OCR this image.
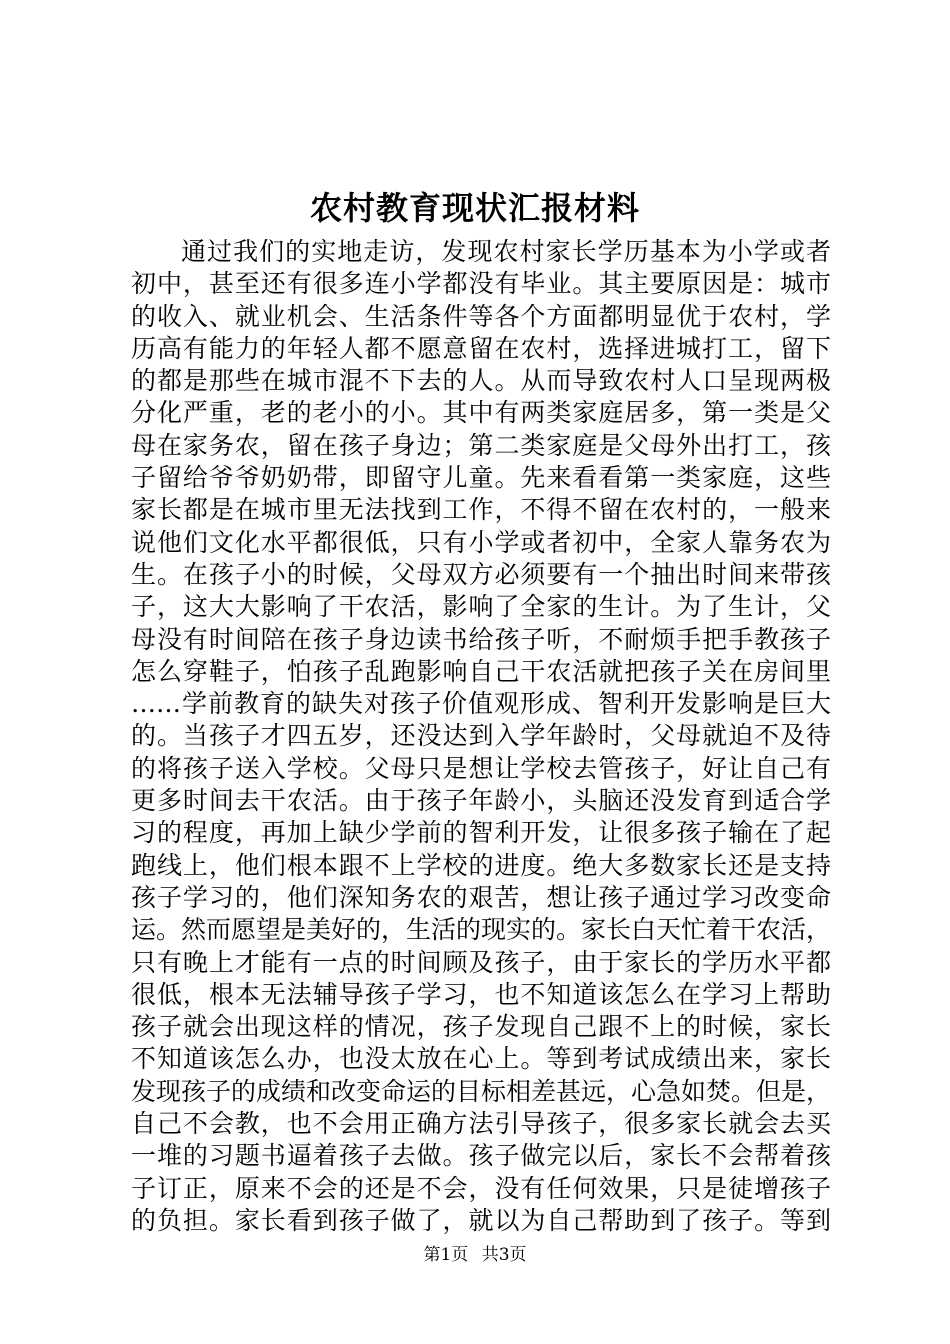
农村教育现状汇报材料
通过我们的实地走访，发现农村家长学历基本为小学或者
初中，甚至还有很多连小学都没有毕业。其主要原因是：城市
的收入、就业机会、生活条件等各个方面都明显优于农村，学
历高有能力的年轻人都不愿意留在农村，选择进城打工，留下
的都是那些在城市混不下去的人。从而导致农村人口呈现两极
分化严重，老的老小的小。其中有两类家庭居多，第一类是父
母在家务农，留在孩子身边；第二类家庭是父母外出打工，孩
子留给爷爷奶奶带，即留守儿童。先来看看第一类家庭，这些
家长都是在城市里无法找到工作，不得不留在农村的，一般来
说他们文化水平都很低，只有小学或者初中，全家人靠务农为
生。在孩子小的时候，父母双方必须要有一个抽出时间来带孩
子，这大大影响了干农活，影响了全家的生计。为了生计，父
母没有时间陪在孩子身边读书给孩子听，不耐烦手把手教孩子
怎么穿鞋子，怕孩子乱跑影响自己干农活就把孩子关在房间里
……学前教育的缺失对孩子价值观形成、智利开发影响是巨大
的。当孩子才四五岁，还没达到入学年龄时，父母就迫不及待
的将孩子送入学校。父母只是想让学校去管孩子，好让自己有
更多时间去干农活。由于孩子年龄小，头脑还没发育到适合学
习的程度，再加上缺少学前的智利开发，让很多孩子输在了起
跑线上，他们根本跟不上学校的进度。绝大多数家长还是支持
孩子学习的，他们深知务农的艰苦，想让孩子通过学习改变命
运。然而愿望是美好的，生活的现实的。家长白天忙着干农活，
只有晚上才能有一点的时间顾及孩子，由于家长的学历水平都
很低，根本无法辅导孩子学习，也不知道该怎么在学习上帮助
孩子就会出现这样的情况，孩子发现自己跟不上的时候，家长
不知道该怎么办，也没太放在心上。等到考试成绩出来，家长
发现孩子的成绩和改变命运的目标相差甚远，心急如焚。但是，
自己不会教，也不会用正确方法引导孩子，很多家长就会去买
一堆的习题书逼着孩子去做。孩子做完以后，家长不会帮着孩
子订正，原来不会的还是不会，没有任何效果，只是徒增孩子
的负担。家长看到孩子做了，就以为自己帮助到了孩子。等到
第1页 共3页
